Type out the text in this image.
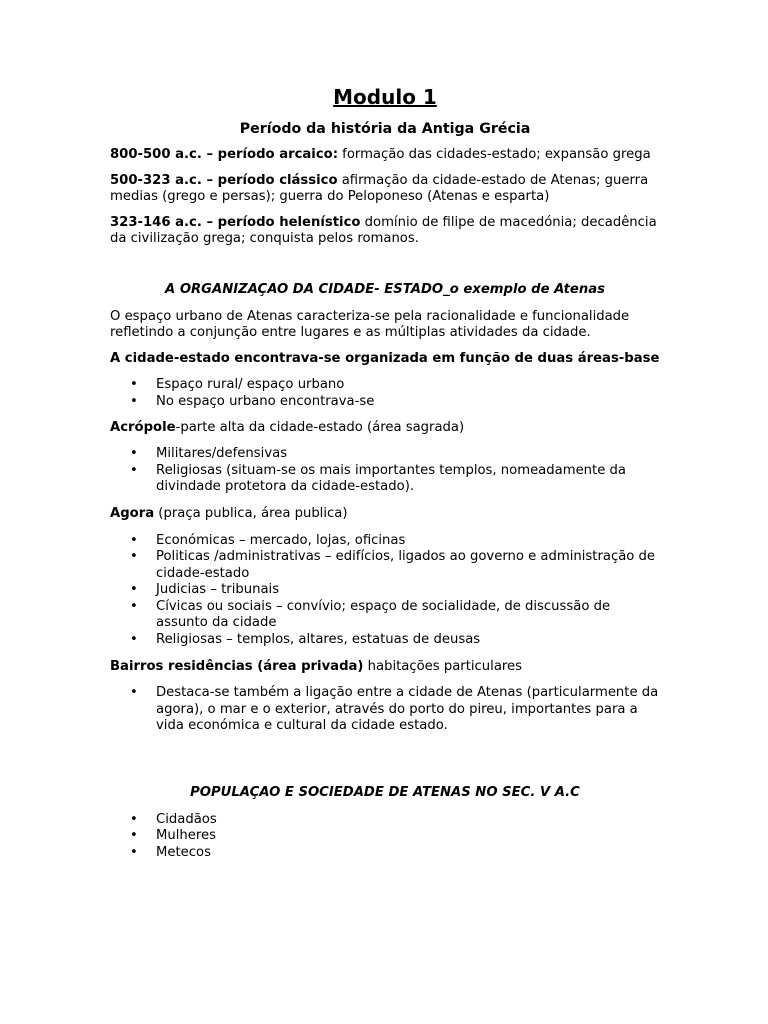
Modulo 1

Período da história da Antiga Grécia

800-500 a.c. – período arcaico: formação das cidades-estado; expansão grega

500-323 a.c. – período clássico afirmação da cidade-estado de Atenas; guerra medias (grego e persas); guerra do Peloponeso (Atenas e esparta)

323-146 a.c. – período helenístico domínio de filipe de macedónia; decadência da civilização grega; conquista pelos romanos.

A ORGANIZAÇAO DA CIDADE- ESTADO_o exemplo de Atenas

O espaço urbano de Atenas caracteriza-se pela racionalidade e funcionalidade refletindo a conjunção entre lugares e as múltiplas atividades da cidade.

A cidade-estado encontrava-se organizada em função de duas áreas-base

• Espaço rural/ espaço urbano
• No espaço urbano encontrava-se

Acrópole-parte alta da cidade-estado (área sagrada)

• Militares/defensivas
• Religiosas (situam-se os mais importantes templos, nomeadamente da divindade protetora da cidade-estado).

Agora (praça publica, área publica)

• Económicas – mercado, lojas, oficinas
• Politicas /administrativas – edifícios, ligados ao governo e administração de cidade-estado
• Judicias – tribunais
• Cívicas ou sociais – convívio; espaço de socialidade, de discussão de assunto da cidade
• Religiosas – templos, altares, estatuas de deusas

Bairros residências (área privada) habitações particulares

• Destaca-se também a ligação entre a cidade de Atenas (particularmente da agora), o mar e o exterior, através do porto do pireu, importantes para a vida económica e cultural da cidade estado.

POPULAÇAO E SOCIEDADE DE ATENAS NO SEC. V A.C

• Cidadãos
• Mulheres
• Metecos
